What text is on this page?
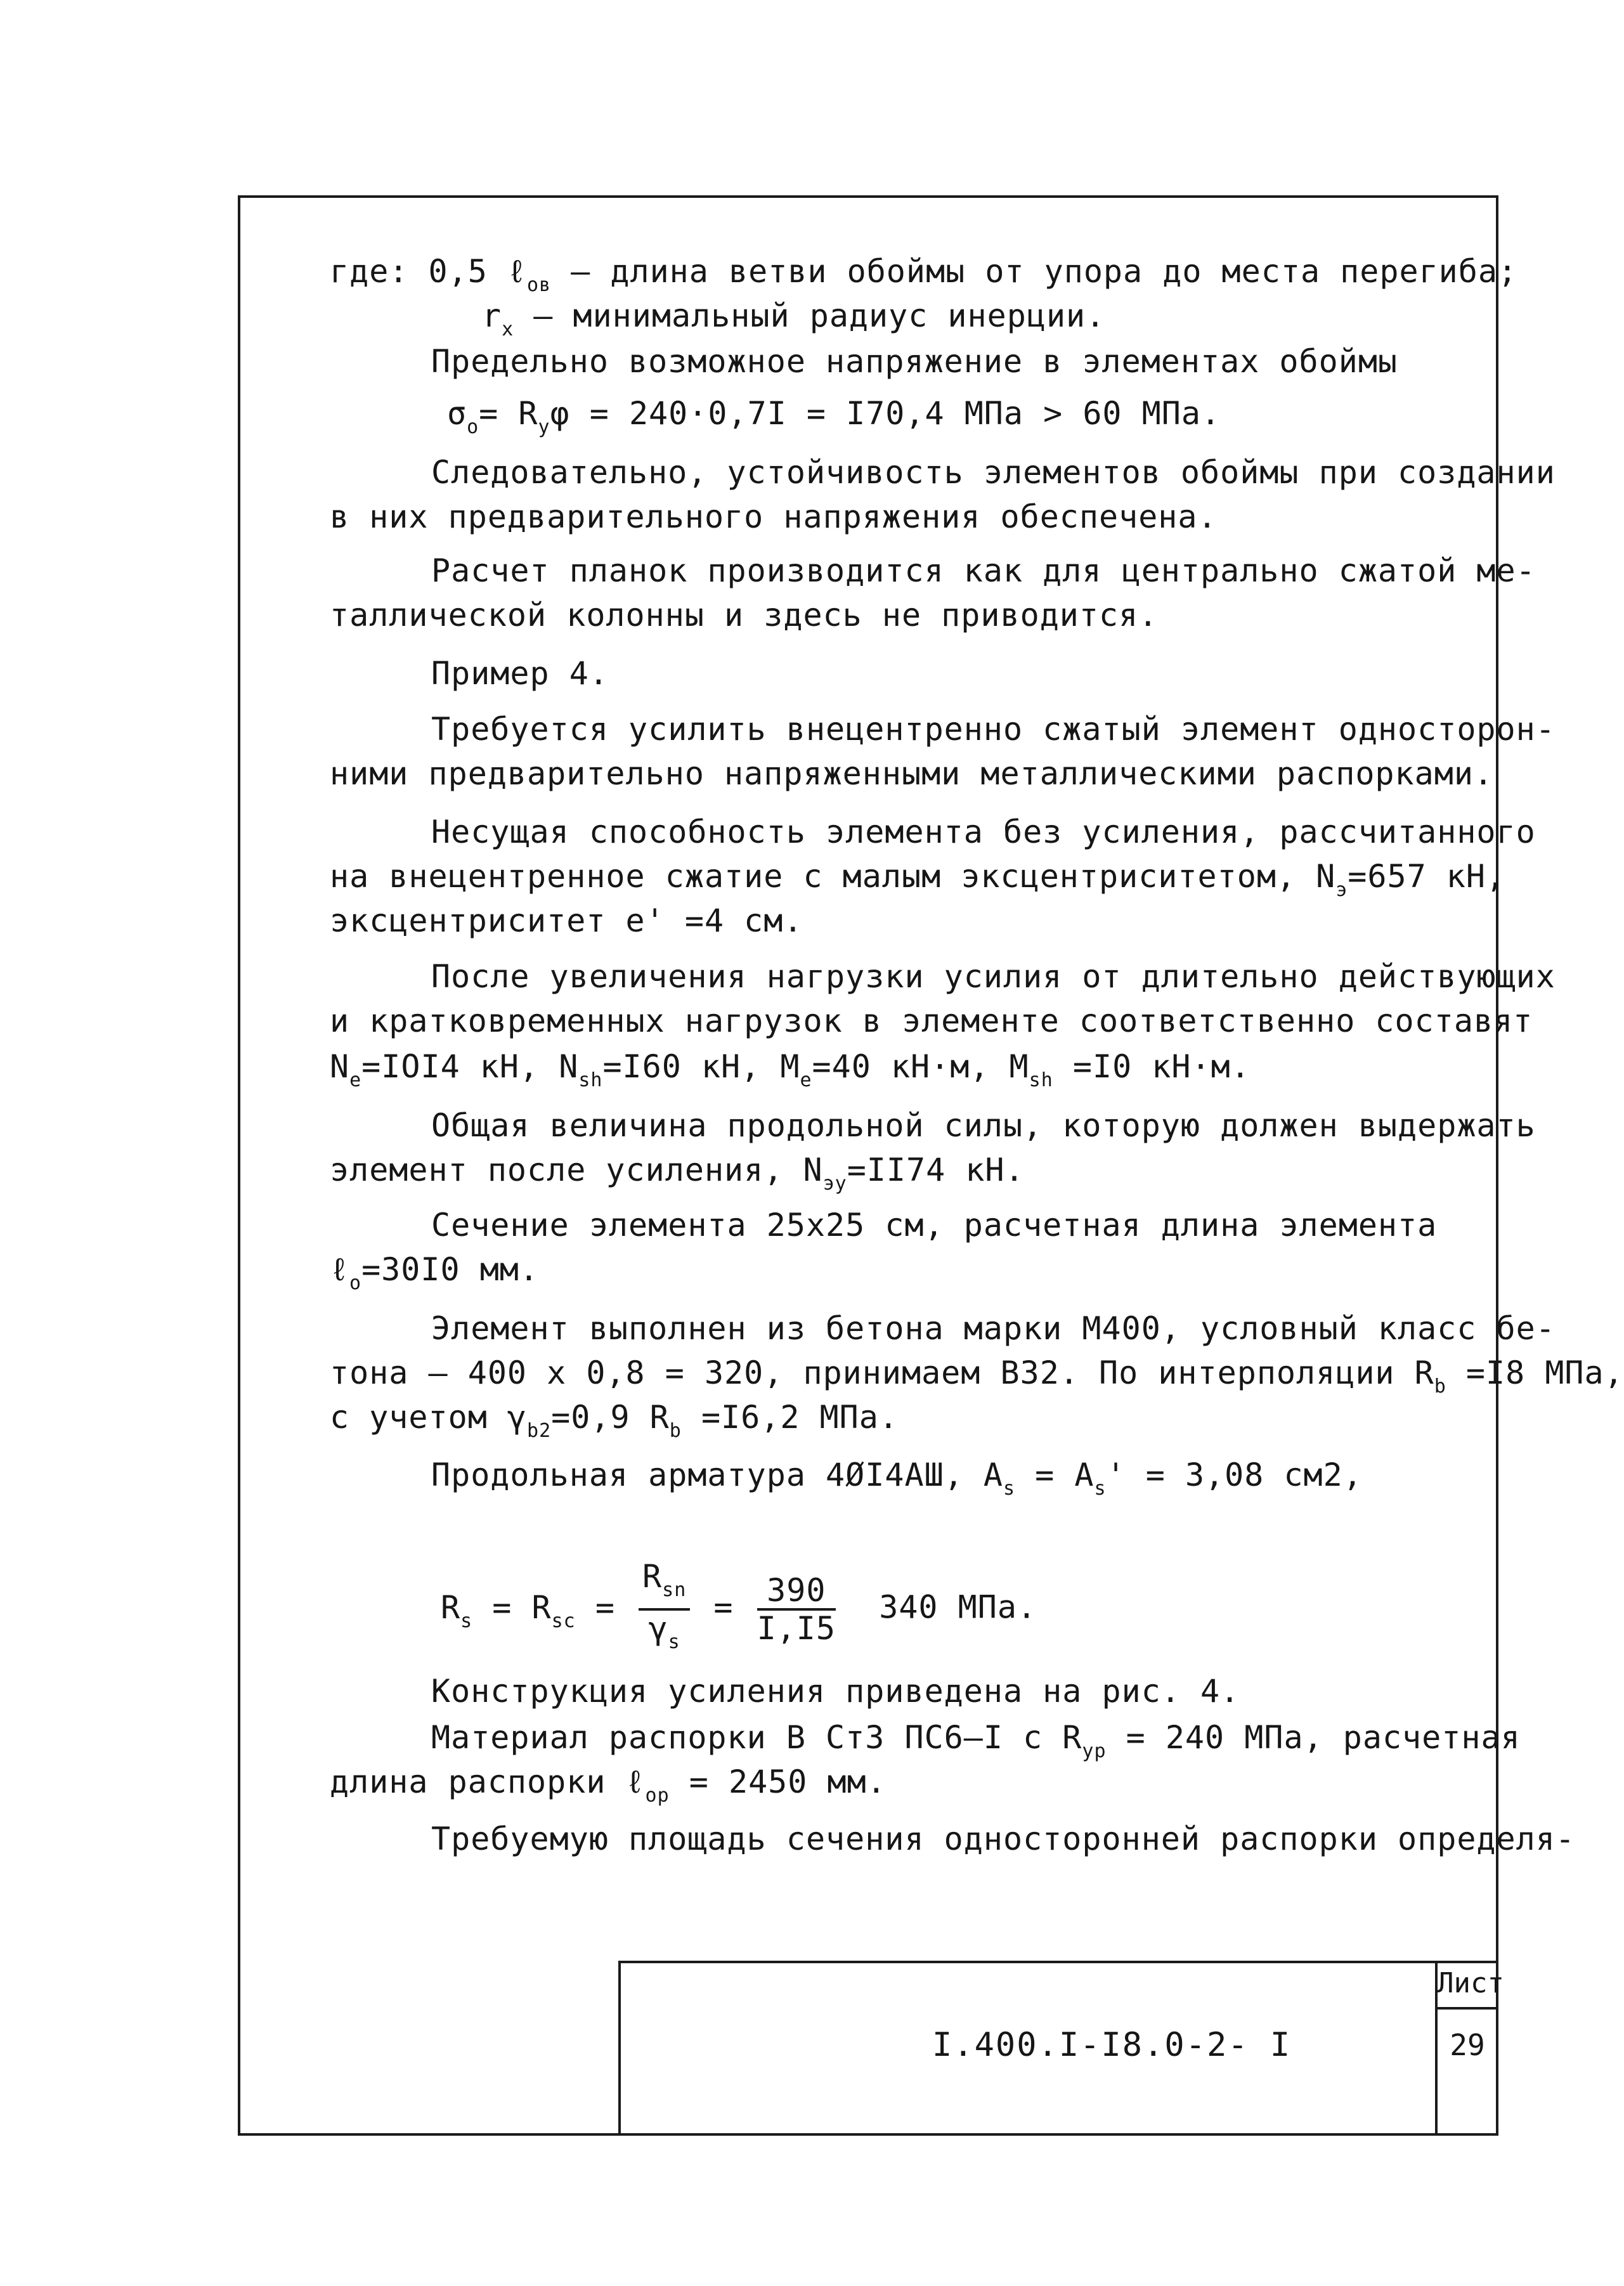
где: 0,5 ℓ$_{ов}$ – длина ветви обоймы от упора до места перегиба;
$r_x$ – минимальный радиус инерции.
Предельно возможное напряжение в элементах обоймы
$\sigma_o= R_y\varphi = 240\cdot 0,7I = I70,4$ МПа > 60 МПа.
Следовательно, устойчивость элементов обоймы при создании
в них предварительного напряжения обеспечена.
Расчет планок производится как для центрально сжатой ме-
таллической колонны и здесь не приводится.
Пример 4.
Требуется усилить внецентренно сжатый элемент односторон-
ними предварительно напряженными металлическими распорками.
Несущая способность элемента без усиления, рассчитанного
на внецентренное сжатие с малым эксцентриситетом, $N_э=657$ кН,
эксцентриситет e' =4 см.
После увеличения нагрузки усилия от длительно действующих
и кратковременных нагрузок в элементе соответственно составят
$N_e=IOI4$ кН, $N_{sh}=I60$ кН, $M_e=40$ кН·м, $M_{sh} =I0$ кН·м.
Общая величина продольной силы, которую должен выдержать
элемент после усиления, $N_{эу}=II74$ кН.
Сечение элемента 25x25 см, расчетная длина элемента
ℓ$_o$=30I0 мм.
Элемент выполнен из бетона марки М400, условный класс бе-
тона – 400 x 0,8 = 320, принимаем В32. По интерполяции $R_b =I8$ МПа,
с учетом $\gamma_{b2}=0,9$ $R_b =I6,2$ МПа.
Продольная арматура 4ØI4АШ, $A_s = A_s' = 3,08$ см2,
Конструкция усиления приведена на рис. 4.
Материал распорки В Ст3 ПС6–I с $R_{yp} = 240$ МПа, расчетная
длина распорки ℓ$_{op}$ = 2450 мм.
Требуемую площадь сечения односторонней распорки определя-
$R_s = R_{sc}$ =
$R_{sn}$
$\gamma_s$
= $\frac{390}{I,I5} 340$ МПа.
I.400.I-I8.0-2- I
Лист
29
